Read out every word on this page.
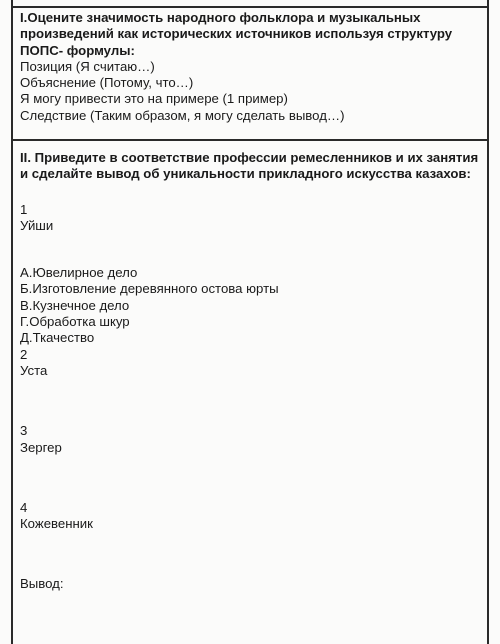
I.Оцените значимость народного фольклора и музыкальных
произведений как исторических источников используя структуру
ПОПС- формулы:
Позиция (Я считаю…)
Объяснение (Потому, что…)
Я могу привести это на примере (1 пример)
Следствие (Таким образом, я могу сделать вывод…)
II. Приведите в соответствие профессии ремесленников и их занятия
и сделайте вывод об уникальности прикладного искусства казахов:
1
Уйши
А.Ювелирное дело
Б.Изготовление деревянного остова юрты
В.Кузнечное дело
Г.Обработка шкур
Д.Ткачество
2
Уста
3
Зергер
4
Кожевенник
Вывод:
